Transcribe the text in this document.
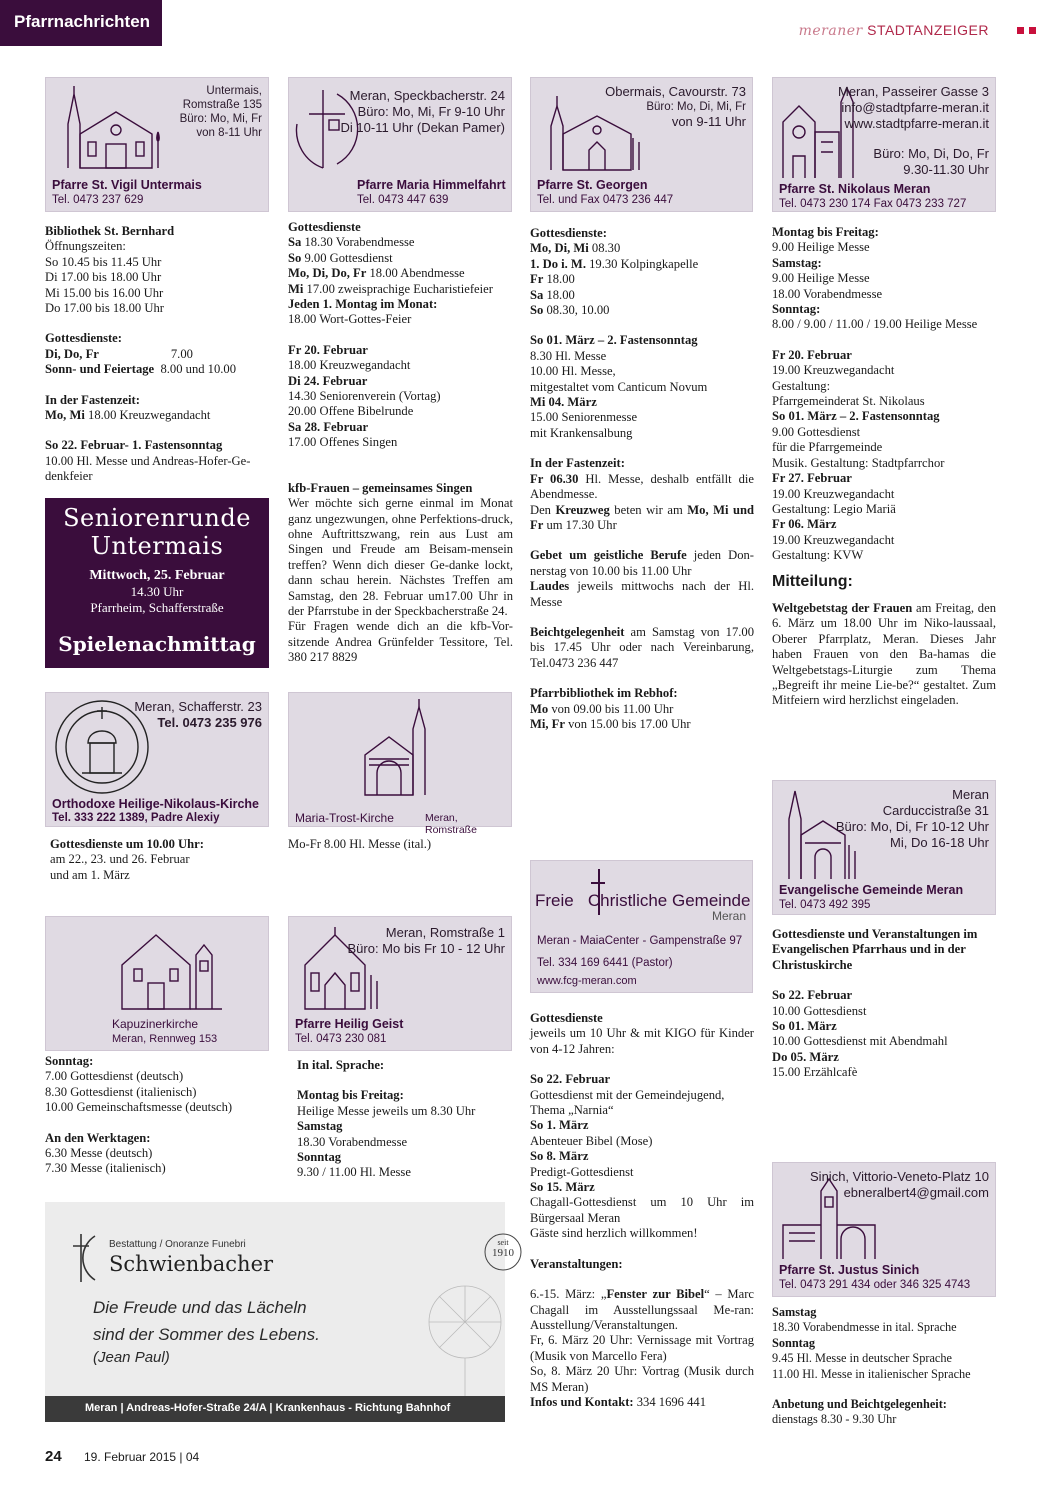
Pfarrnachrichten	meraner STADTANZEIGER
Untermais,
Romstraße 135
Büro: Mo, Mi, Fr
von 8-11 Uhr
Pfarre St. Vigil Untermais
Tel. 0473 237 629
Bibliothek St. Bernhard
Öffnungszeiten:
So 10.45 bis 11.45 Uhr
Di 17.00 bis 18.00 Uhr
Mi 15.00 bis 16.00 Uhr
Do 17.00 bis 18.00 Uhr
Gottesdienste:
Di, Do, Fr	7.00
Sonn- und Feiertage  8.00 und 10.00
In der Fastenzeit:
Mo, Mi 18.00 Kreuzwegandacht
So 22. Februar- 1. Fastensonntag
10.00 Hl. Messe und Andreas-Hofer-Ge-
denkfeier
Seniorenrunde
Untermais
Mittwoch, 25. Februar
14.30 Uhr
Pfarrheim, Schafferstraße
Spielenachmittag
Meran, Schafferstr. 23
Tel. 0473 235 976
Orthodoxe Heilige-Nikolaus-Kirche
Tel. 333 222 1389, Padre Alexiy
Gottesdienste um 10.00 Uhr:
am 22., 23. und 26. Februar
und am 1. März
Kapuzinerkirche
Meran, Rennweg 153
Sonntag:
7.00 Gottesdienst (deutsch)
8.30 Gottesdienst (italienisch)
10.00 Gemeinschaftsmesse (deutsch)
An den Werktagen:
6.30 Messe (deutsch)
7.30 Messe (italienisch)
Meran, Speckbacherstr. 24
Büro: Mo, Mi, Fr 9-10 Uhr
Di 10-11 Uhr (Dekan Pamer)
Pfarre Maria Himmelfahrt
Tel. 0473 447 639
Gottesdienste
Sa 18.30 Vorabendmesse
So 9.00 Gottesdienst
Mo, Di, Do, Fr 18.00 Abendmesse
Mi 17.00 zweisprachige Eucharistiefeier
Jeden 1. Montag im Monat:
18.00 Wort-Gottes-Feier
Fr 20. Februar
18.00 Kreuzwegandacht
Di 24. Februar
14.30 Seniorenverein (Vortag)
20.00 Offene Bibelrunde
Sa 28. Februar
17.00 Offenes Singen
kfb-Frauen – gemeinsames Singen
Wer möchte sich gerne einmal im Monat ganz ungezwungen, ohne Perfektions-druck, ohne Auftrittszwang, rein aus Lust am Singen und Freude am Beisam-mensein treffen? Wenn dich dieser Ge-danke lockt, dann schau herein. Nächstes Treffen am Samstag, den 28. Februar um17.00 Uhr in der Pfarrstube in der Speckbacherstraße 24.
Für Fragen wende dich an die kfb-Vor-sitzende Andrea Grünfelder Tessitore, Tel. 380 217 8829
Maria-Trost-Kirche	Meran, Romstraße
Mo-Fr 8.00 Hl. Messe (ital.)
Meran, Romstraße 1
Büro: Mo bis Fr 10 - 12 Uhr
Pfarre Heilig Geist
Tel. 0473 230 081
In ital. Sprache:
Montag bis Freitag:
Heilige Messe jeweils um 8.30 Uhr
Samstag
18.30 Vorabendmesse
Sonntag
9.30 / 11.00 Hl. Messe
Bestattung / Onoranze Funebri
Schwienbacher
seit
1910
Die Freude und das Lächeln
sind der Sommer des Lebens.
(Jean Paul)
Meran | Andreas-Hofer-Straße 24/A | Krankenhaus - Richtung Bahnhof
Obermais, Cavourstr. 73
Büro: Mo, Di, Mi, Fr
von 9-11 Uhr
Pfarre St. Georgen
Tel. und Fax 0473 236 447
Gottesdienste:
Mo, Di, Mi 08.30
1. Do i. M. 19.30 Kolpingkapelle
Fr 18.00
Sa 18.00
So 08.30, 10.00
So 01. März – 2. Fastensonntag
8.30 Hl. Messe
10.00 Hl. Messe,
mitgestaltet vom Canticum Novum
Mi 04. März
15.00 Seniorenmesse
mit Krankensalbung
In der Fastenzeit:
Fr 06.30 Hl. Messe, deshalb entfällt die Abendmesse.
Den Kreuzweg beten wir am Mo, Mi und Fr um 17.30 Uhr
Gebet um geistliche Berufe jeden Don-nerstag von 10.00 bis 11.00 Uhr
Laudes jeweils mittwochs nach der Hl. Messe
Beichtgelegenheit am Samstag von 17.00 bis 17.45 Uhr oder nach Vereinbarung, Tel.0473 236 447
Pfarrbibliothek im Rebhof:
Mo von 09.00 bis 11.00 Uhr
Mi, Fr von 15.00 bis 17.00 Uhr
Freie Christliche Gemeinde
Meran
Meran - MaiaCenter - Gampenstraße 97
Tel. 334 169 6441 (Pastor)
www.fcg-meran.com
Gottesdienste
jeweils um 10 Uhr & mit KIGO für Kinder von 4-12 Jahren:
So 22. Februar
Gottesdienst mit der Gemeindejugend,
Thema „Narnia“
So 1. März
Abenteuer Bibel (Mose)
So 8. März
Predigt-Gottesdienst
So 15. März
Chagall-Gottesdienst um 10 Uhr im Bürgersaal Meran
Gäste sind herzlich willkommen!
Veranstaltungen:
6.-15. März: „Fenster zur Bibel“ – Marc Chagall im Ausstellungssaal Me-ran: Ausstellung/Veranstaltungen.
Fr, 6. März 20 Uhr: Vernissage mit Vortrag (Musik von Marcello Fera)
So, 8. März 20 Uhr: Vortrag (Musik durch MS Meran)
Infos und Kontakt: 334 1696 441
Meran, Passeirer Gasse 3
info@stadtpfarre-meran.it
www.stadtpfarre-meran.it
Büro: Mo, Di, Do, Fr
9.30-11.30 Uhr
Pfarre St. Nikolaus Meran
Tel. 0473 230 174 Fax 0473 233 727
Montag bis Freitag:
9.00 Heilige Messe
Samstag:
9.00 Heilige Messe
18.00 Vorabendmesse
Sonntag:
8.00 / 9.00 / 11.00 / 19.00 Heilige Messe
Fr 20. Februar
19.00 Kreuzwegandacht
Gestaltung:
Pfarrgemeinderat St. Nikolaus
So 01. März – 2. Fastensonntag
9.00 Gottesdienst
für die Pfarrgemeinde
Musik. Gestaltung: Stadtpfarrchor
Fr 27. Februar
19.00 Kreuzwegandacht
Gestaltung: Legio Mariä
Fr 06. März
19.00 Kreuzwegandacht
Gestaltung: KVW
Mitteilung:
Weltgebetstag der Frauen am Freitag, den 6. März um 18.00 Uhr im Niko-laussaal, Oberer Pfarrplatz, Meran. Dieses Jahr haben Frauen von den Ba-hamas die Weltgebetstags-Liturgie zum Thema „Begreift ihr meine Lie-be?“ gestaltet. Zum Mitfeiern wird herzlichst eingeladen.
Meran
Carduccistraße 31
Büro: Mo, Di, Fr 10-12 Uhr
Mi, Do 16-18 Uhr
Evangelische Gemeinde Meran
Tel. 0473 492 395
Gottesdienste und Veranstaltungen im Evangelischen Pfarrhaus und in der Christuskirche
So 22. Februar
10.00 Gottesdienst
So 01. März
10.00 Gottesdienst mit Abendmahl
Do 05. März
15.00 Erzählcafè
Sinich, Vittorio-Veneto-Platz 10
ebneralbert4@gmail.com
Pfarre St. Justus Sinich
Tel. 0473 291 434 oder 346 325 4743
Samstag
18.30 Vorabendmesse in ital. Sprache
Sonntag
9.45 Hl. Messe in deutscher Sprache
11.00 Hl. Messe in italienischer Sprache
Anbetung und Beichtgelegenheit:
dienstags 8.30 - 9.30 Uhr
24 19. Februar 2015 | 04
